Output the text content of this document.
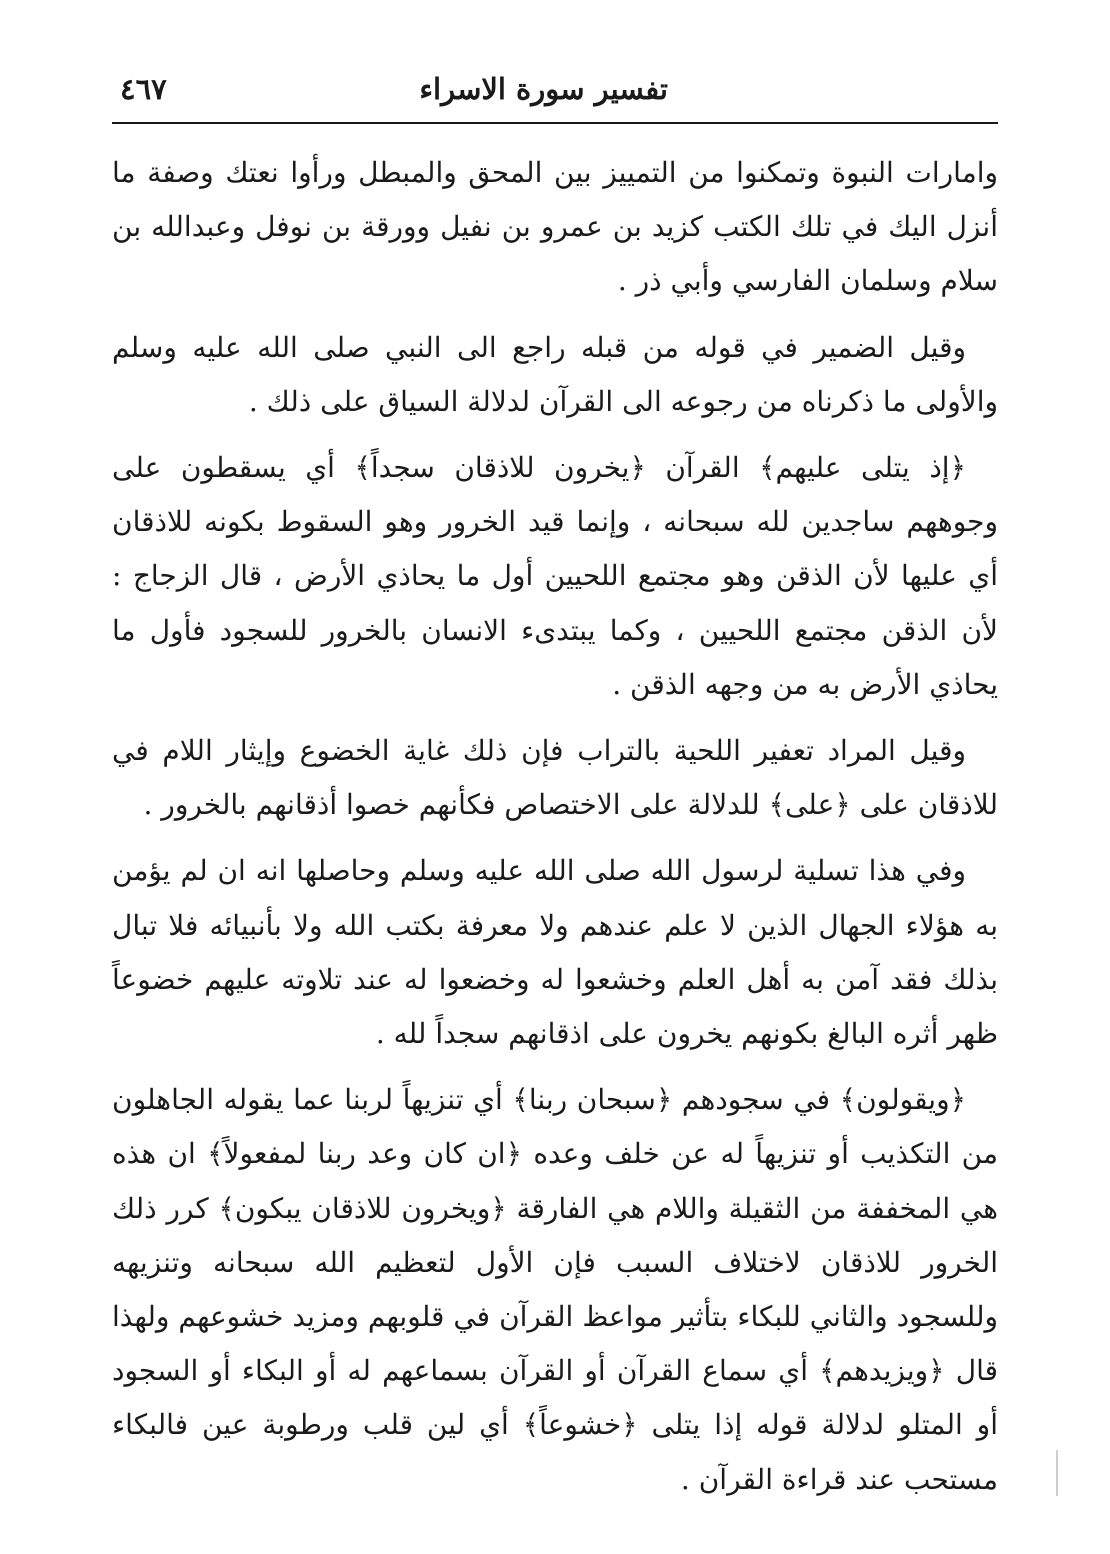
تفسير سورة الاسراء
٤٦٧

وامارات النبوة وتمكنوا من التمييز بين المحق والمبطل ورأوا نعتك وصفة ما أنزل اليك في تلك الكتب كزيد بن عمرو بن نفيل وورقة بن نوفل وعبدالله بن سلام وسلمان الفارسي وأبي ذر .

وقيل الضمير في قوله من قبله راجع الى النبي صلى الله عليه وسلم والأولى ما ذكرناه من رجوعه الى القرآن لدلالة السياق على ذلك .

﴿إذ يتلى عليهم﴾ القرآن ﴿يخرون للاذقان سجداً﴾ أي يسقطون على وجوههم ساجدين لله سبحانه ، وإنما قيد الخرور وهو السقوط بكونه للاذقان أي عليها لأن الذقن وهو مجتمع اللحيين أول ما يحاذي الأرض ، قال الزجاج : لأن الذقن مجتمع اللحيين ، وكما يبتدىء الانسان بالخرور للسجود فأول ما يحاذي الأرض به من وجهه الذقن .

وقيل المراد تعفير اللحية بالتراب فإن ذلك غاية الخضوع وإيثار اللام في للاذقان على ﴿على﴾ للدلالة على الاختصاص فكأنهم خصوا أذقانهم بالخرور .

وفي هذا تسلية لرسول الله صلى الله عليه وسلم وحاصلها انه ان لم يؤمن به هؤلاء الجهال الذين لا علم عندهم ولا معرفة بكتب الله ولا بأنبيائه فلا تبال بذلك فقد آمن به أهل العلم وخشعوا له وخضعوا له عند تلاوته عليهم خضوعاً ظهر أثره البالغ بكونهم يخرون على اذقانهم سجداً لله .

﴿ويقولون﴾ في سجودهم ﴿سبحان ربنا﴾ أي تنزيهاً لربنا عما يقوله الجاهلون من التكذيب أو تنزيهاً له عن خلف وعده ﴿ان كان وعد ربنا لمفعولاً﴾ ان هذه هي المخففة من الثقيلة واللام هي الفارقة ﴿ويخرون للاذقان يبكون﴾ كرر ذلك الخرور للاذقان لاختلاف السبب فإن الأول لتعظيم الله سبحانه وتنزيهه وللسجود والثاني للبكاء بتأثير مواعظ القرآن في قلوبهم ومزيد خشوعهم ولهذا قال ﴿ويزيدهم﴾ أي سماع القرآن أو القرآن بسماعهم له أو البكاء أو السجود أو المتلو لدلالة قوله إذا يتلى ﴿خشوعاً﴾ أي لين قلب ورطوبة عين فالبكاء مستحب عند قراءة القرآن .
